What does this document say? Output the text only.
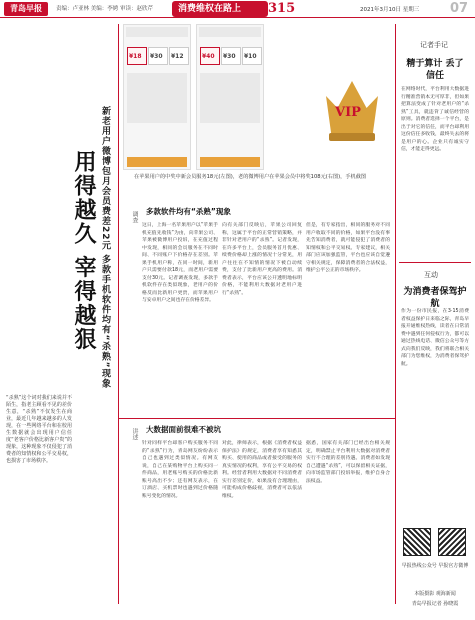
青岛早报	责编：卢亚林 美编：李娉 审读：赵欣芹	消费维权在路上 315	2021年3月10日 星期三 07
用得越久 宰得越狠 新老用户微博包月会员费差22元 多款手机软件均有“杀熟”现象
“杀熟”这个词对我们来说并不陌生，指老主顾看不见的差价生意，“杀熟”不仅发生在商业，最近几年越来越多的人发现，在一些网络平台和在校用生数据就会出现用户信任度“老客户价格比新客户贵”的现象，这种现象不仅侵犯了消费者的知情权和公平交易权，也损害了市场秩序。
¥18 ¥30 ¥12	¥40 ¥30 ¥10
VIP
在苹果用户的中奖中新会员服务18元(左图)，老的微博用户在苹果会员中将奖108元(右图)，手机截图
调查
讲述
多款软件均有“杀熟”现象
这日，上海一名苹果用户以“苹果手机充值先收钱”为由，向苹果公司、苹果被微博用户投诉，在充值过程中发现，相同的会员服务在不同时间、不同账户下价格存在差别。苹果手机用户称，在同一时间，新用户只需要付款18元，而老用户需要支付30元。记者调查发现，多款手机软件存在类似现象，老用户的价格反而比新用户更贵，而苹果用户与安卓用户之间也存在价格差异。
向有关部门反映后，苹果公司回复称，这属于平台的正常营销策略，并非针对老用户的“杀熟”。记者发现，在许多平台上，会员服务首月优惠、续费价格却上涨的情况十分常见，用户往往在不知情的情况下被自动续费，支付了比新用户更高的费用。消费者表示，平台应该公开透明地标明价格，不能利用大数据对老用户进行“杀熟”。
但是，有专家指出，相同的服务对不同用户收取不同的价格，如果平台没有事先告知消费者，就可能侵犯了消费者的知情权和公平交易权。专家建议，相关部门应该加强监管，平台也应该自觉遵守相关规定，保障消费者的合法权益，维护公平公正的市场秩序。
大数据面前很难不被坑
针对同样平台却客户购买服务不同的“杀熟”行为，青岛网友纷纷表示自己也遇到过类似情况。有网友说，自己在某购物平台上购买同一件商品，用老账号购买的价格比新账号高出不少；还有网友表示，在订酒店、买机票时也遇到过价格随账号变化的情况。
对此，律师表示，根据《消费者权益保护法》的规定，消费者享有知悉其购买、使用的商品或者接受的服务的真实情况的权利，享有公平交易的权利。经营者利用大数据对不同消费者实行差别定价，如果没有合理理由，可能构成价格歧视，消费者可以依法维权。
据悉，国家有关部门已经出台相关规定，明确禁止平台利用大数据对消费者实行不合理的差别待遇。消费者如发现自己遭遇“杀熟”，可以保留相关证据，向市场监管部门投诉举报，维护自身合法权益。
记者手记
精于算计 丢了信任
在网络时代，平台利用大数据进行精准营销本无可厚非，但如果把算法变成了针对老用户的“杀熟”工具，就违背了诚信经营的原则。消费者选择一个平台，是出于对它的信任，而平台却利用这份信任多收钱，最终失去的将是用户的心。企业只有诚实守信，才能走得更远。
互动
为消费者保驾护航
作为一份市民报，在3·15消费者权益保护日来临之际，青岛早报开通维权热线，读者在日常消费中遇到任何侵权行为，都可以通过热线电话、微信公众号等方式向我们反映，我们将联合相关部门为您维权，为消费者保驾护航。
早报热线公众号 早报官方微博
本版摄影 观海新闻
青岛早报记者 孙晓霞
